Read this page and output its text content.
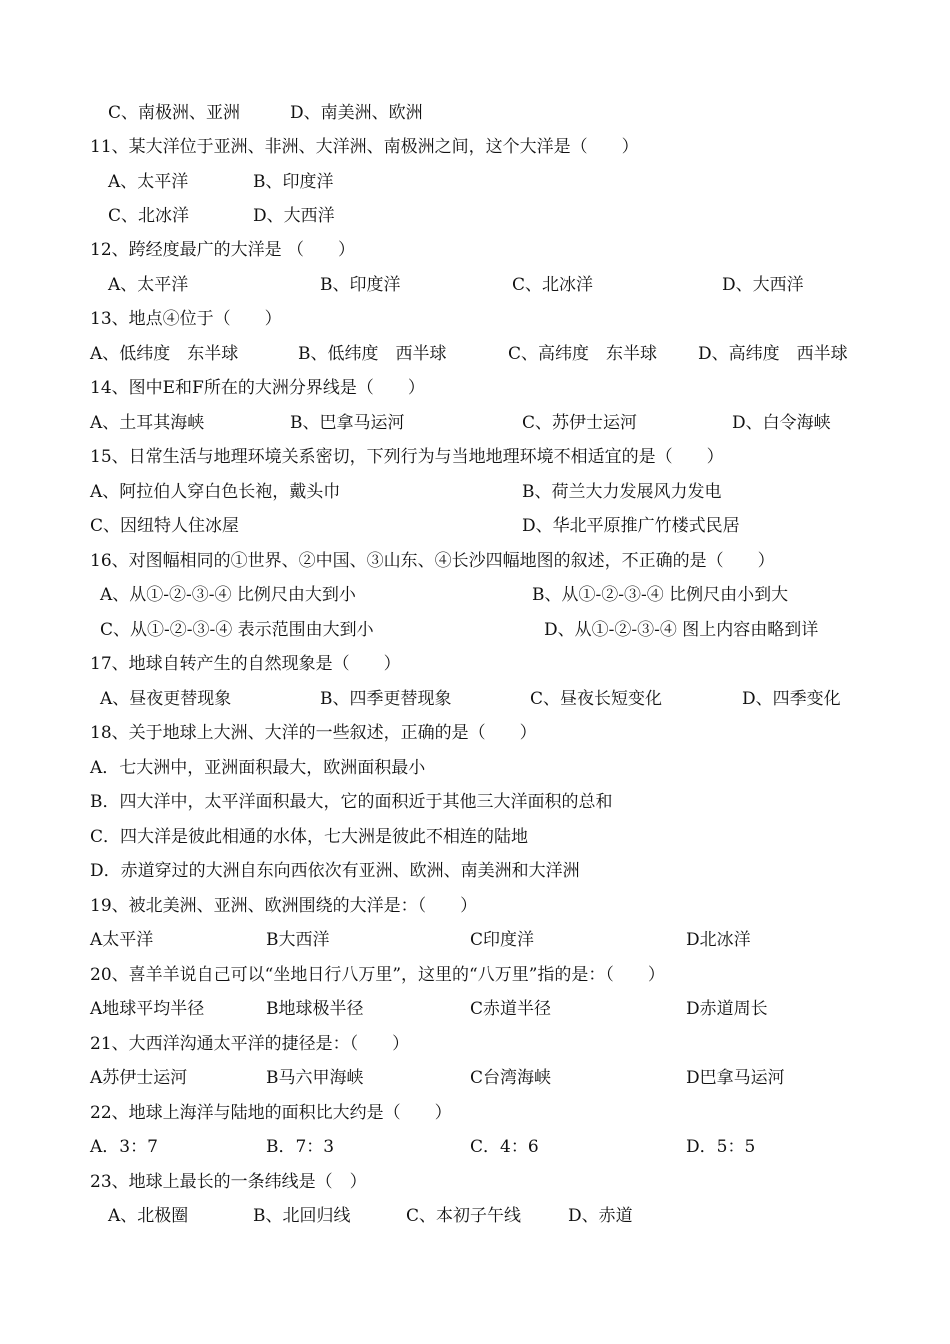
C、南极洲、亚洲	D、南美洲、欧洲
11、某大洋位于亚洲、非洲、大洋洲、南极洲之间，这个大洋是（　　）
A、太平洋	B、印度洋
C、北冰洋	D、大西洋
12、跨经度最广的大洋是 （　　）
A、太平洋	B、印度洋	C、北冰洋	D、大西洋
13、地点④位于（　　）
A、低纬度　东半球	B、低纬度　西半球	C、高纬度　东半球 D、高纬度　西半球
14、图中E和F所在的大洲分界线是（　　）
A、土耳其海峡	B、巴拿马运河	C、苏伊士运河	D、白令海峡
15、日常生活与地理环境关系密切，下列行为与当地地理环境不相适宜的是（　　）
A、阿拉伯人穿白色长袍，戴头巾	B、荷兰大力发展风力发电
C、因纽特人住冰屋	D、华北平原推广竹楼式民居
16、对图幅相同的①世界、②中国、③山东、④长沙四幅地图的叙述，不正确的是（　　）
A、从①-②-③-④ 比例尺由大到小	B、从①-②-③-④ 比例尺由小到大
C、从①-②-③-④ 表示范围由大到小	D、从①-②-③-④ 图上内容由略到详
17、地球自转产生的自然现象是（　　）
A、昼夜更替现象	B、四季更替现象	C、昼夜长短变化	D、四季变化
18、关于地球上大洲、大洋的一些叙述，正确的是（　　）
A．七大洲中，亚洲面积最大，欧洲面积最小
B．四大洋中，太平洋面积最大，它的面积近于其他三大洋面积的总和
C．四大洋是彼此相通的水体，七大洲是彼此不相连的陆地
D．赤道穿过的大洲自东向西依次有亚洲、欧洲、南美洲和大洋洲
19、被北美洲、亚洲、欧洲围绕的大洋是：（　　）
A太平洋	B大西洋	C印度洋	D北冰洋
20、喜羊羊说自己可以“坐地日行八万里”，这里的“八万里”指的是：（　　）
A地球平均半径	B地球极半径	C赤道半径	D赤道周长
21、大西洋沟通太平洋的捷径是：（　　）
A苏伊士运河	B马六甲海峡	C台湾海峡	D巴拿马运河
22、地球上海洋与陆地的面积比大约是（　　）
A．3：7	B．7：3	C．4：6	D．5：5
23、地球上最长的一条纬线是（　）
A、北极圈	B、北回归线	C、本初子午线	D、赤道
